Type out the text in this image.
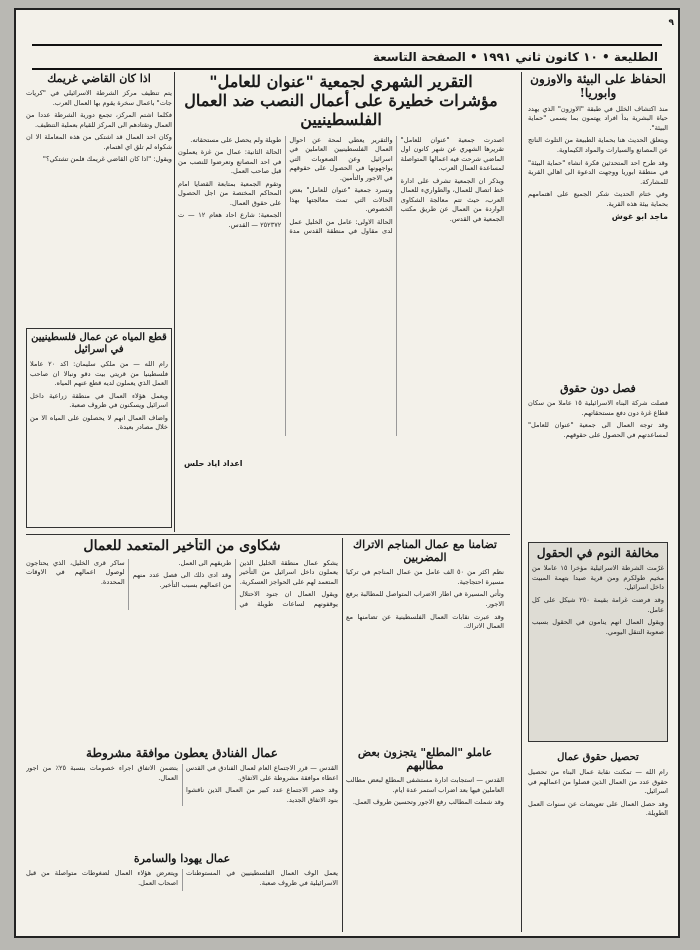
٩
الطليعة • ١٠ كانون ثاني ١٩٩١ • الصفحة التاسعة
التقرير الشهري لجمعية "عنوان للعامل" مؤشرات خطيرة على أعمال النصب ضد العمال الفلسطينيين

اصدرت جمعية "عنوان للعامل" تقريرها الشهري عن شهر كانون اول الماضي شرحت فيه اعمالها المتواصلة لمساعدة العمال العرب.

ويذكر ان الجمعية تشرف على ادارة خط اتصال للعمال، والطواريء للعمال العرب، حيث تتم معالجة الشكاوى الواردة من العمال عن طريق مكتب الجمعية في القدس.

والتقرير يعطي لمحة عن احوال العمال الفلسطينيين العاملين في اسرائيل وعن الصعوبات التي يواجهونها في الحصول على حقوقهم في الاجور والتأمين.

وتسرد جمعية "عنوان للعامل" بعض الحالات التي تمت معالجتها بهذا الخصوص.

الحالة الاولى: عامل من الخليل عمل لدى مقاول في منطقة القدس مدة طويلة ولم يحصل على مستحقاته.

الحالة الثانية: عمال من غزة يعملون في احد المصانع وتعرضوا للنصب من قبل صاحب العمل.

وتقوم الجمعية بمتابعة القضايا امام المحاكم المختصة من اجل الحصول على حقوق العمال.

الجمعية: شارع احاد هعام ١٢ — ت ٢٥٢٣٧٢ — القدس.

اعداد اياد حلس
الحفاظ على البيئة والاوزون وابوريا!

منذ اكتشاف الخلل في طبقة "الاوزون" الذي يهدد حياة البشرية بدأ افراد يهتمون بما يسمى "حماية البيئة".

ويتعلق الحديث هنا بحماية الطبيعة من التلوث الناتج عن المصانع والسيارات والمواد الكيماوية.

وقد طرح احد المتحدثين فكرة انشاء "حماية البيئة" في منطقة ابوريا ووجهت الدعوة الى اهالي القرية للمشاركة.

وفي ختام الحديث شكر الجميع على اهتمامهم بحماية بيئة هذه القرية.

ماجد ابو غوش
فصل دون حقوق

فصلت شركة البناء الاسرائيلية ١٥ عاملا من سكان قطاع غزة دون دفع مستحقاتهم.

وقد توجه العمال الى جمعية "عنوان للعامل" لمساعدتهم في الحصول على حقوقهم.

مخالفة النوم في الحقول

غرّمت الشرطة الاسرائيلية مؤخرا ١٥ عاملا من مخيم طولكرم ومن قرية صيدا بتهمة المبيت داخل اسرائيل.

وقد فرضت غرامة بقيمة ٢٥٠ شيكل على كل عامل.

ويقول العمال انهم ينامون في الحقول بسبب صعوبة التنقل اليومي.

تحصيل حقوق عمال

رام الله — تمكنت نقابة عمال البناء من تحصيل حقوق عدد من العمال الذين فصلوا من اعمالهم في اسرائيل.

وقد حصل العمال على تعويضات عن سنوات العمل الطويلة.

اذا كان القاضي غريمك

يتم تنظيف مركز الشرطة الاسرائيلي في "كريات جات" باعمال سخرة يقوم بها العمال العرب.

فكلما اشتم المركز، تجمع دورية الشرطة عددا من العمال وتقتادهم الى المركز للقيام بعملية التنظيف.

وكان احد العمال قد اشتكى من هذه المعاملة الا ان شكواه لم تلق اي اهتمام.

ويقول: "اذا كان القاضي غريمك فلمن تشتكي؟"

قطع المياه عن عمال فلسطينيين في اسرائيل

رام الله — من ملكي سليمان: اكد ٢٠ عاملا فلسطينيا من قريتي بيت دقو ونبالا ان صاحب العمل الذي يعملون لديه قطع عنهم المياه.

ويعمل هؤلاء العمال في منطقة زراعية داخل اسرائيل ويسكنون في ظروف صعبة.

واضاف العمال انهم لا يحصلون على المياه الا من خلال مصادر بعيدة.

شكاوى من التأخير المتعمد للعمال

يشكو عمال منطقة الخليل الذين يعملون داخل اسرائيل من التأخير المتعمد لهم على الحواجز العسكرية.

ويقول العمال ان جنود الاحتلال يوقفونهم لساعات طويلة في طريقهم الى العمل.

وقد ادى ذلك الى فصل عدد منهم من اعمالهم بسبب التأخير.

ساكر قرى الخليل، الذي يحتاجون لوصول اعمالهم في الاوقات المحددة.

تضامنا مع عمال المناجم الاتراك المضربين

نظم اكثر من ٥٠ الف عامل من عمال المناجم في تركيا مسيرة احتجاجية.

وتأتي المسيرة في اطار الاضراب المتواصل للمطالبة برفع الاجور.

وقد عبرت نقابات العمال الفلسطينية عن تضامنها مع العمال الاتراك.

عاملو "المطلع" يتجزون بعض مطالبهم

القدس — استجابت ادارة مستشفى المطلع لبعض مطالب العاملين فيها بعد اضراب استمر عدة ايام.

وقد شملت المطالب رفع الاجور وتحسين ظروف العمل.

عمال الفنادق يعطون موافقة مشروطة

القدس — قرر الاجتماع العام لعمال الفنادق في القدس اعطاء موافقة مشروطة على الاتفاق.

وقد حضر الاجتماع عدد كبير من العمال الذين ناقشوا بنود الاتفاق الجديد.

بتضمن الاتفاق اجراء خصومات بنسبة ٢٥٪ من اجور العمال.

عمال يهودا والسامرة

يعمل الوف العمال الفلسطينيين في المستوطنات الاسرائيلية في ظروف صعبة.

ويتعرض هؤلاء العمال لضغوطات متواصلة من قبل اصحاب العمل.
